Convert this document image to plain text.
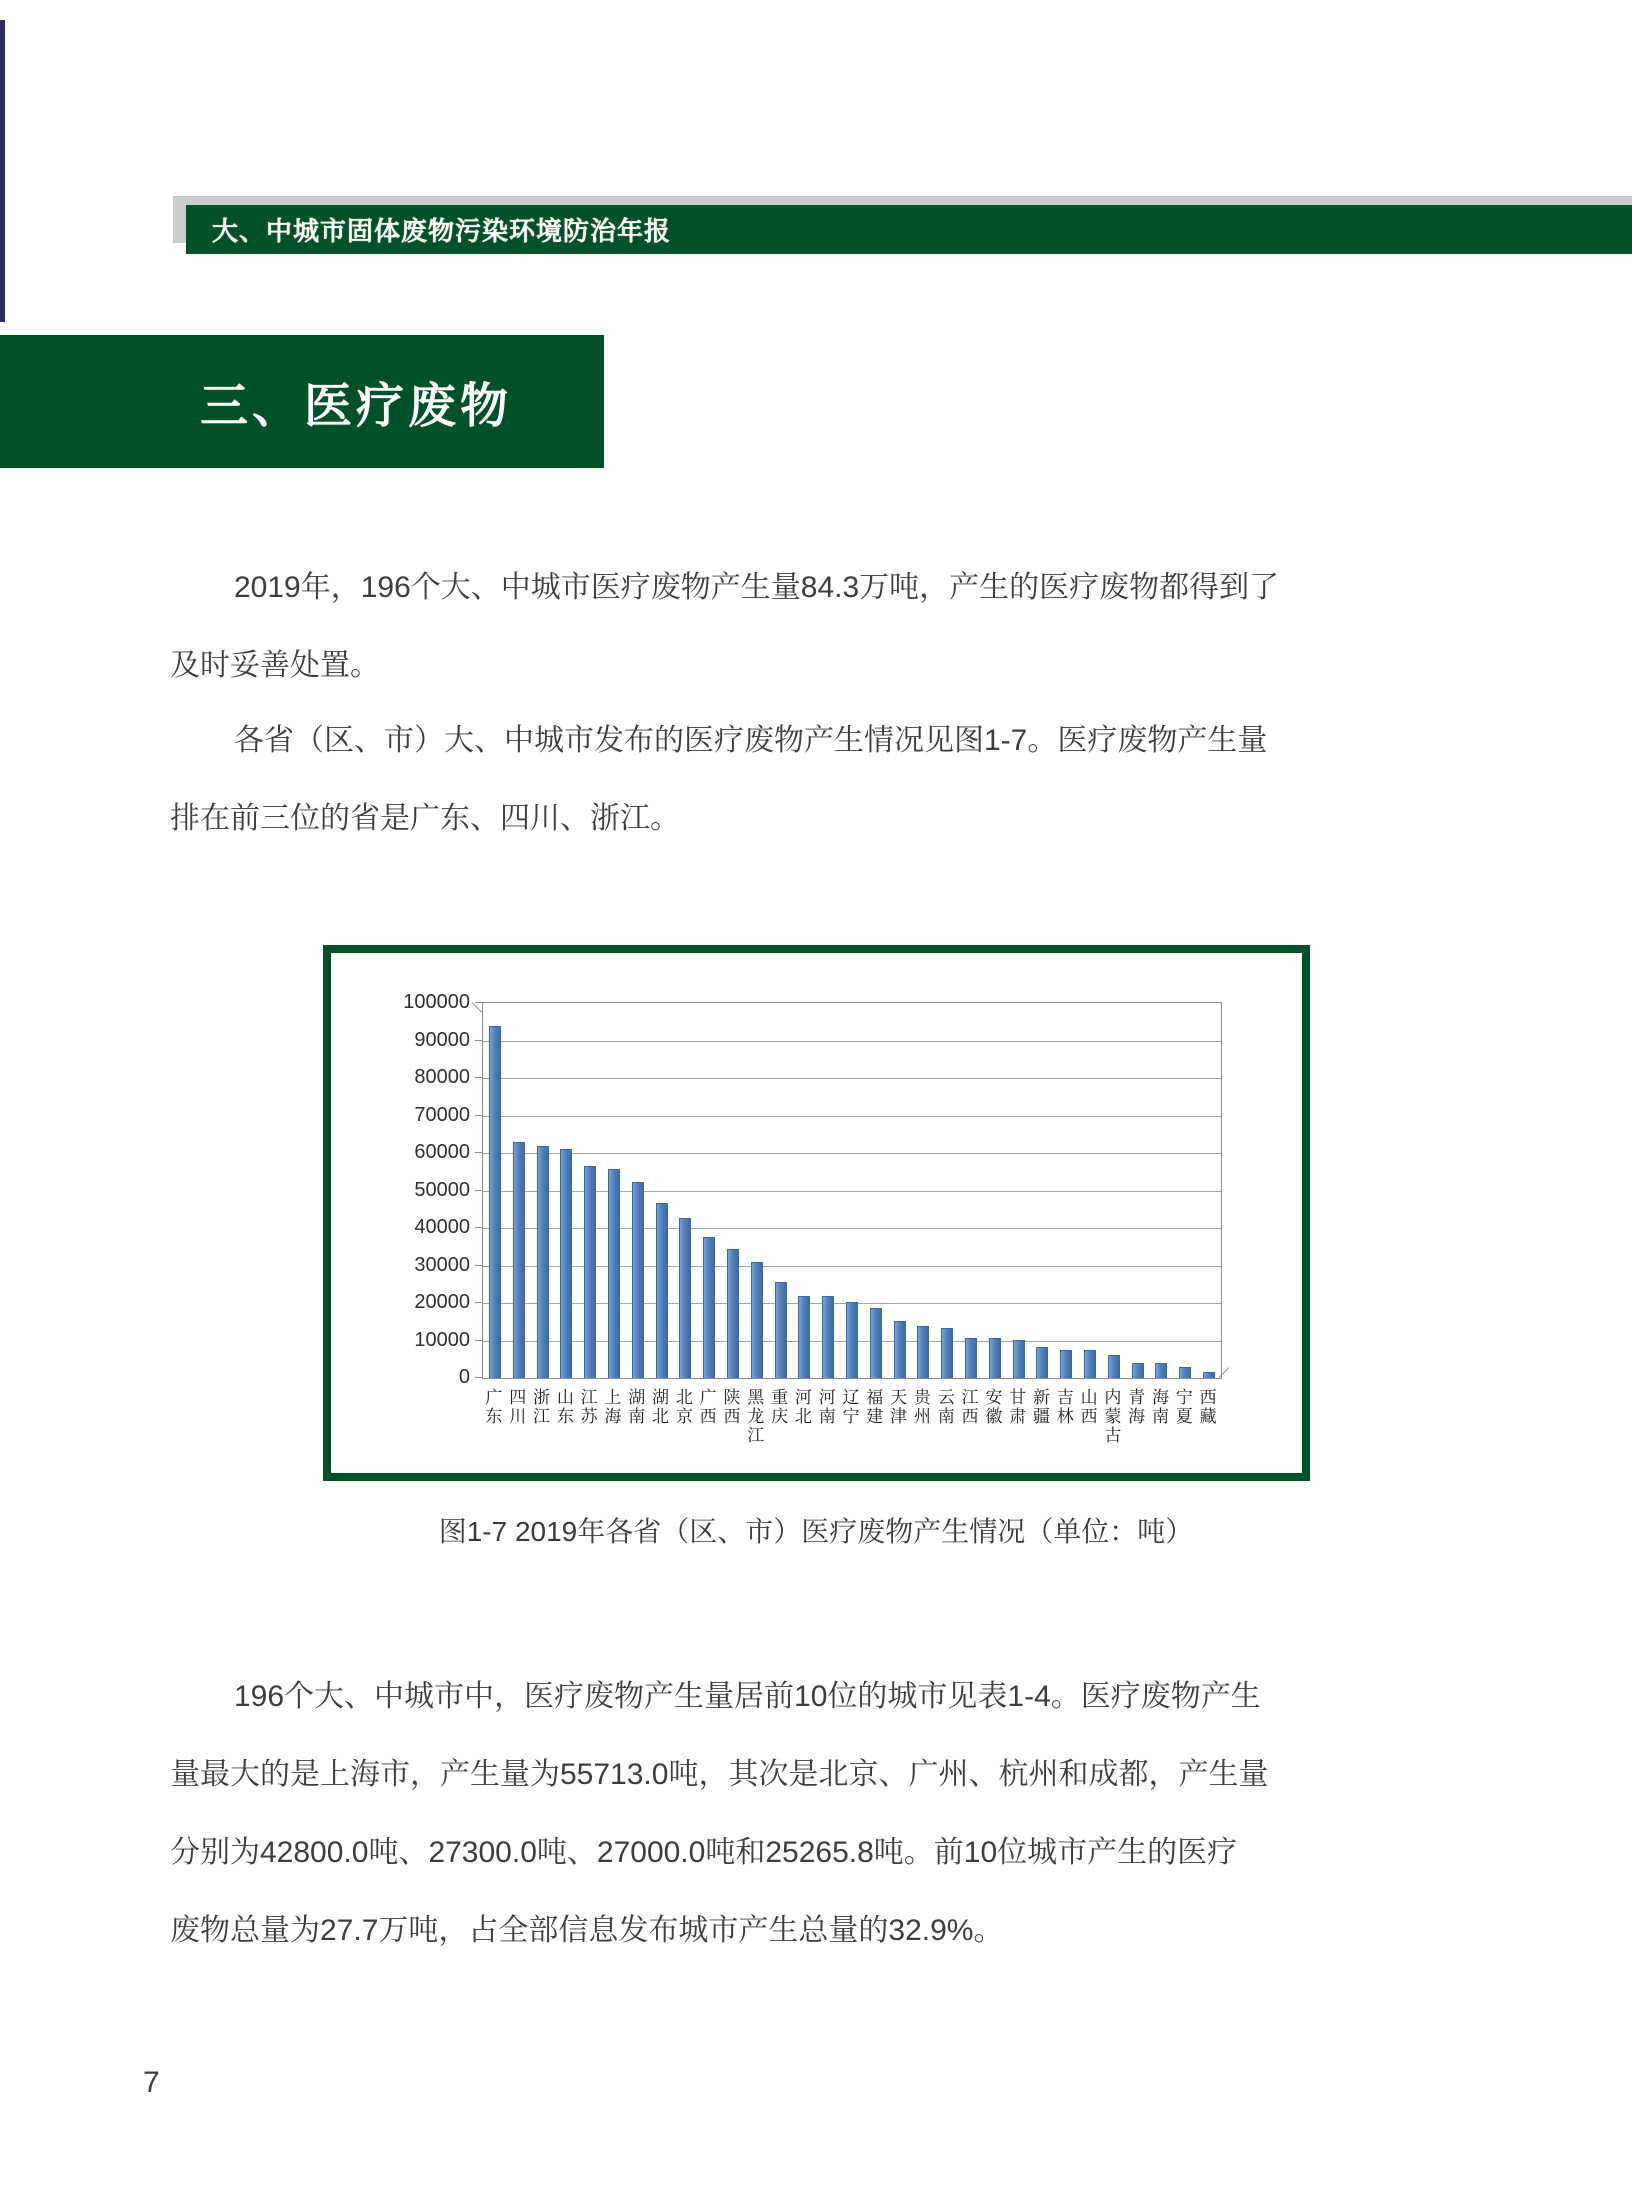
大、中城市固体废物污染环境防治年报
三、医疗废物
2019年，196个大、中城市医疗废物产生量84.3万吨，产生的医疗废物都得到了
及时妥善处置。
各省（区、市）大、中城市发布的医疗废物产生情况见图1-7。医疗废物产生量
排在前三位的省是广东、四川、浙江。
0
10000
20000
30000
40000
50000
60000
70000
80000
90000
100000
广东
四川
浙江
山东
江苏
上海
湖南
湖北
北京
广西
陕西
黑龙江
重庆
河北
河南
辽宁
福建
天津
贵州
云南
江西
安徽
甘肃
新疆
吉林
山西
内蒙古
青海
海南
宁夏
西藏
图1-7 2019年各省（区、市）医疗废物产生情况（单位：吨）
196个大、中城市中，医疗废物产生量居前10位的城市见表1-4。医疗废物产生
量最大的是上海市，产生量为55713.0吨，其次是北京、广州、杭州和成都，产生量
分别为42800.0吨、27300.0吨、27000.0吨和25265.8吨。前10位城市产生的医疗
废物总量为27.7万吨，占全部信息发布城市产生总量的32.9%。
7
